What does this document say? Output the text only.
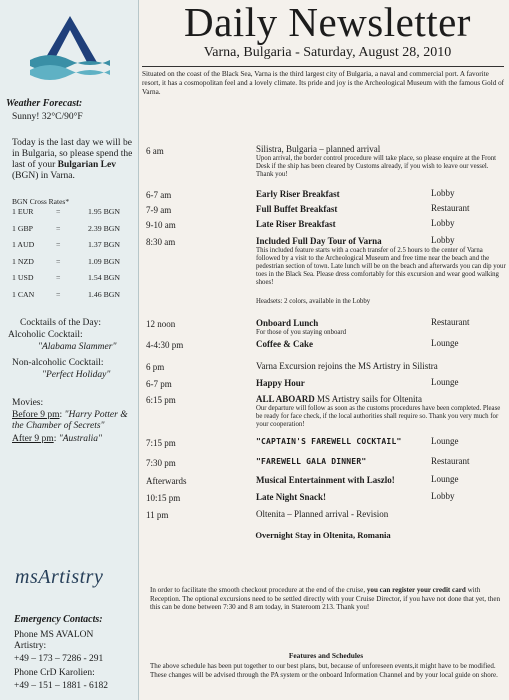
Weather Forecast:
Sunny! 32°C/90°F
Today is the last day we will be in Bulgaria, so please spend the last of your Bulgarian Lev (BGN) in Varna.
BGN Cross Rates*
1 EUR	=	1.95 BGN
1 GBP	=	2.39 BGN
1 AUD	=	1.37 BGN
1 NZD	=	1.09 BGN
1 USD	=	1.54 BGN
1 CAN	=	1.46 BGN
Cocktails of the Day:
Alcoholic Cocktail:
"Alabama Slammer"
Non-alcoholic Cocktail:
"Perfect Holiday"
Movies:
Before 9 pm: "Harry Potter & the Chamber of Secrets"
After 9 pm: "Australia"
msArtistry
Emergency Contacts:
Phone MS AVALON Artistry:
+49 – 173 – 7286 - 291
Phone CrD Karolien:
+49 – 151 – 1881 - 6182
Daily Newsletter
Varna, Bulgaria - Saturday, August 28, 2010
Situated on the coast of the Black Sea, Varna is the third largest city of Bulgaria, a naval and commercial port. A favorite resort, it has a cosmopolitan feel and a lovely climate. Its pride and joy is the Archeological Museum with the famous Gold of Varna.
6 am	Silistra, Bulgaria – planned arrival
Upon arrival, the border control procedure will take place, so please enquire at the Front Desk if the ship has been cleared by Customs already, if you wish to leave our vessel. Thank you!
6-7 am	Early Riser Breakfast	Lobby
7-9 am	Full Buffet Breakfast	Restaurant
9-10 am	Late Riser Breakfast	Lobby
8:30 am	Included Full Day Tour of Varna	Lobby
This included feature starts with a coach transfer of 2.5 hours to the center of Varna followed by a visit to the Archeological Museum and free time near the beach and the pedestrian section of town. Late lunch will be on the beach and afterwards you can dip your toes in the Black Sea. Please dress comfortably for this excursion and wear good walking shoes!
Headsets: 2 colors, available in the Lobby
12 noon	Onboard Lunch	Restaurant
For those of you staying onboard
4-4:30 pm	Coffee & Cake	Lounge
6 pm	Varna Excursion rejoins the MS Artistry in Silistra
6-7 pm	Happy Hour	Lounge
6:15 pm	ALL ABOARD MS Artistry sails for Oltenita
Our departure will follow as soon as the customs procedures have been completed. Please be ready for face check, if the local authorities shall require so. Thank you very much for your cooperation!
7:15 pm	"CAPTAIN'S FAREWELL COCKTAIL"	Lounge
7:30 pm	"FAREWELL GALA DINNER"	Restaurant
Afterwards	Musical Entertainment with Laszlo!	Lounge
10:15 pm	Late Night Snack!	Lobby
11 pm	Oltenita – Planned arrival - Revision
Overnight Stay in Oltenita, Romania
In order to facilitate the smooth checkout procedure at the end of the cruise, you can register your credit card with Reception. The optional excursions need to be settled directly with your Cruise Director, if you have not done that yet, then this can be done between 7:30 and 8 am today, in Stateroom 213. Thank you!
Features and Schedules
The above schedule has been put together to our best plans, but, because of unforeseen events,it might have to be modified. These changes will be advised through the PA system or the onboard Information Channel and by your local guide on shore.
